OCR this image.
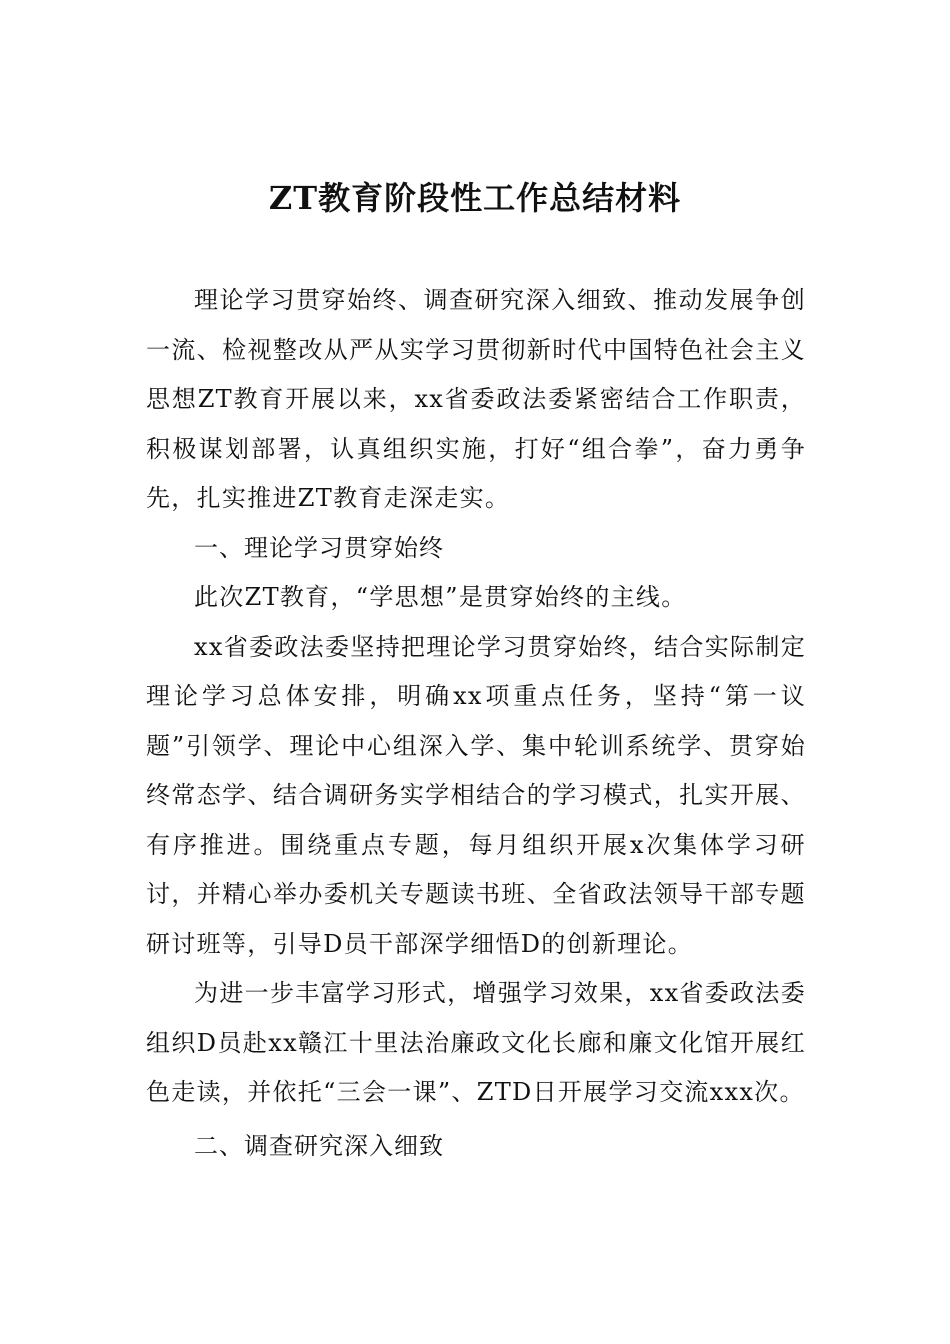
ZT教育阶段性工作总结材料

理论学习贯穿始终、调查研究深入细致、推动发展争创一流、检视整改从严从实学习贯彻新时代中国特色社会主义思想ZT教育开展以来，xx省委政法委紧密结合工作职责，积极谋划部署，认真组织实施，打好“组合拳”，奋力勇争先，扎实推进ZT教育走深走实。

一、理论学习贯穿始终

此次ZT教育，“学思想”是贯穿始终的主线。

xx省委政法委坚持把理论学习贯穿始终，结合实际制定理论学习总体安排，明确xx项重点任务，坚持“第一议题”引领学、理论中心组深入学、集中轮训系统学、贯穿始终常态学、结合调研务实学相结合的学习模式，扎实开展、有序推进。围绕重点专题，每月组织开展x次集体学习研讨，并精心举办委机关专题读书班、全省政法领导干部专题研讨班等，引导D员干部深学细悟D的创新理论。

为进一步丰富学习形式，增强学习效果，xx省委政法委组织D员赴xx赣江十里法治廉政文化长廊和廉文化馆开展红色走读，并依托“三会一课”、ZTD日开展学习交流xxx次。

二、调查研究深入细致
